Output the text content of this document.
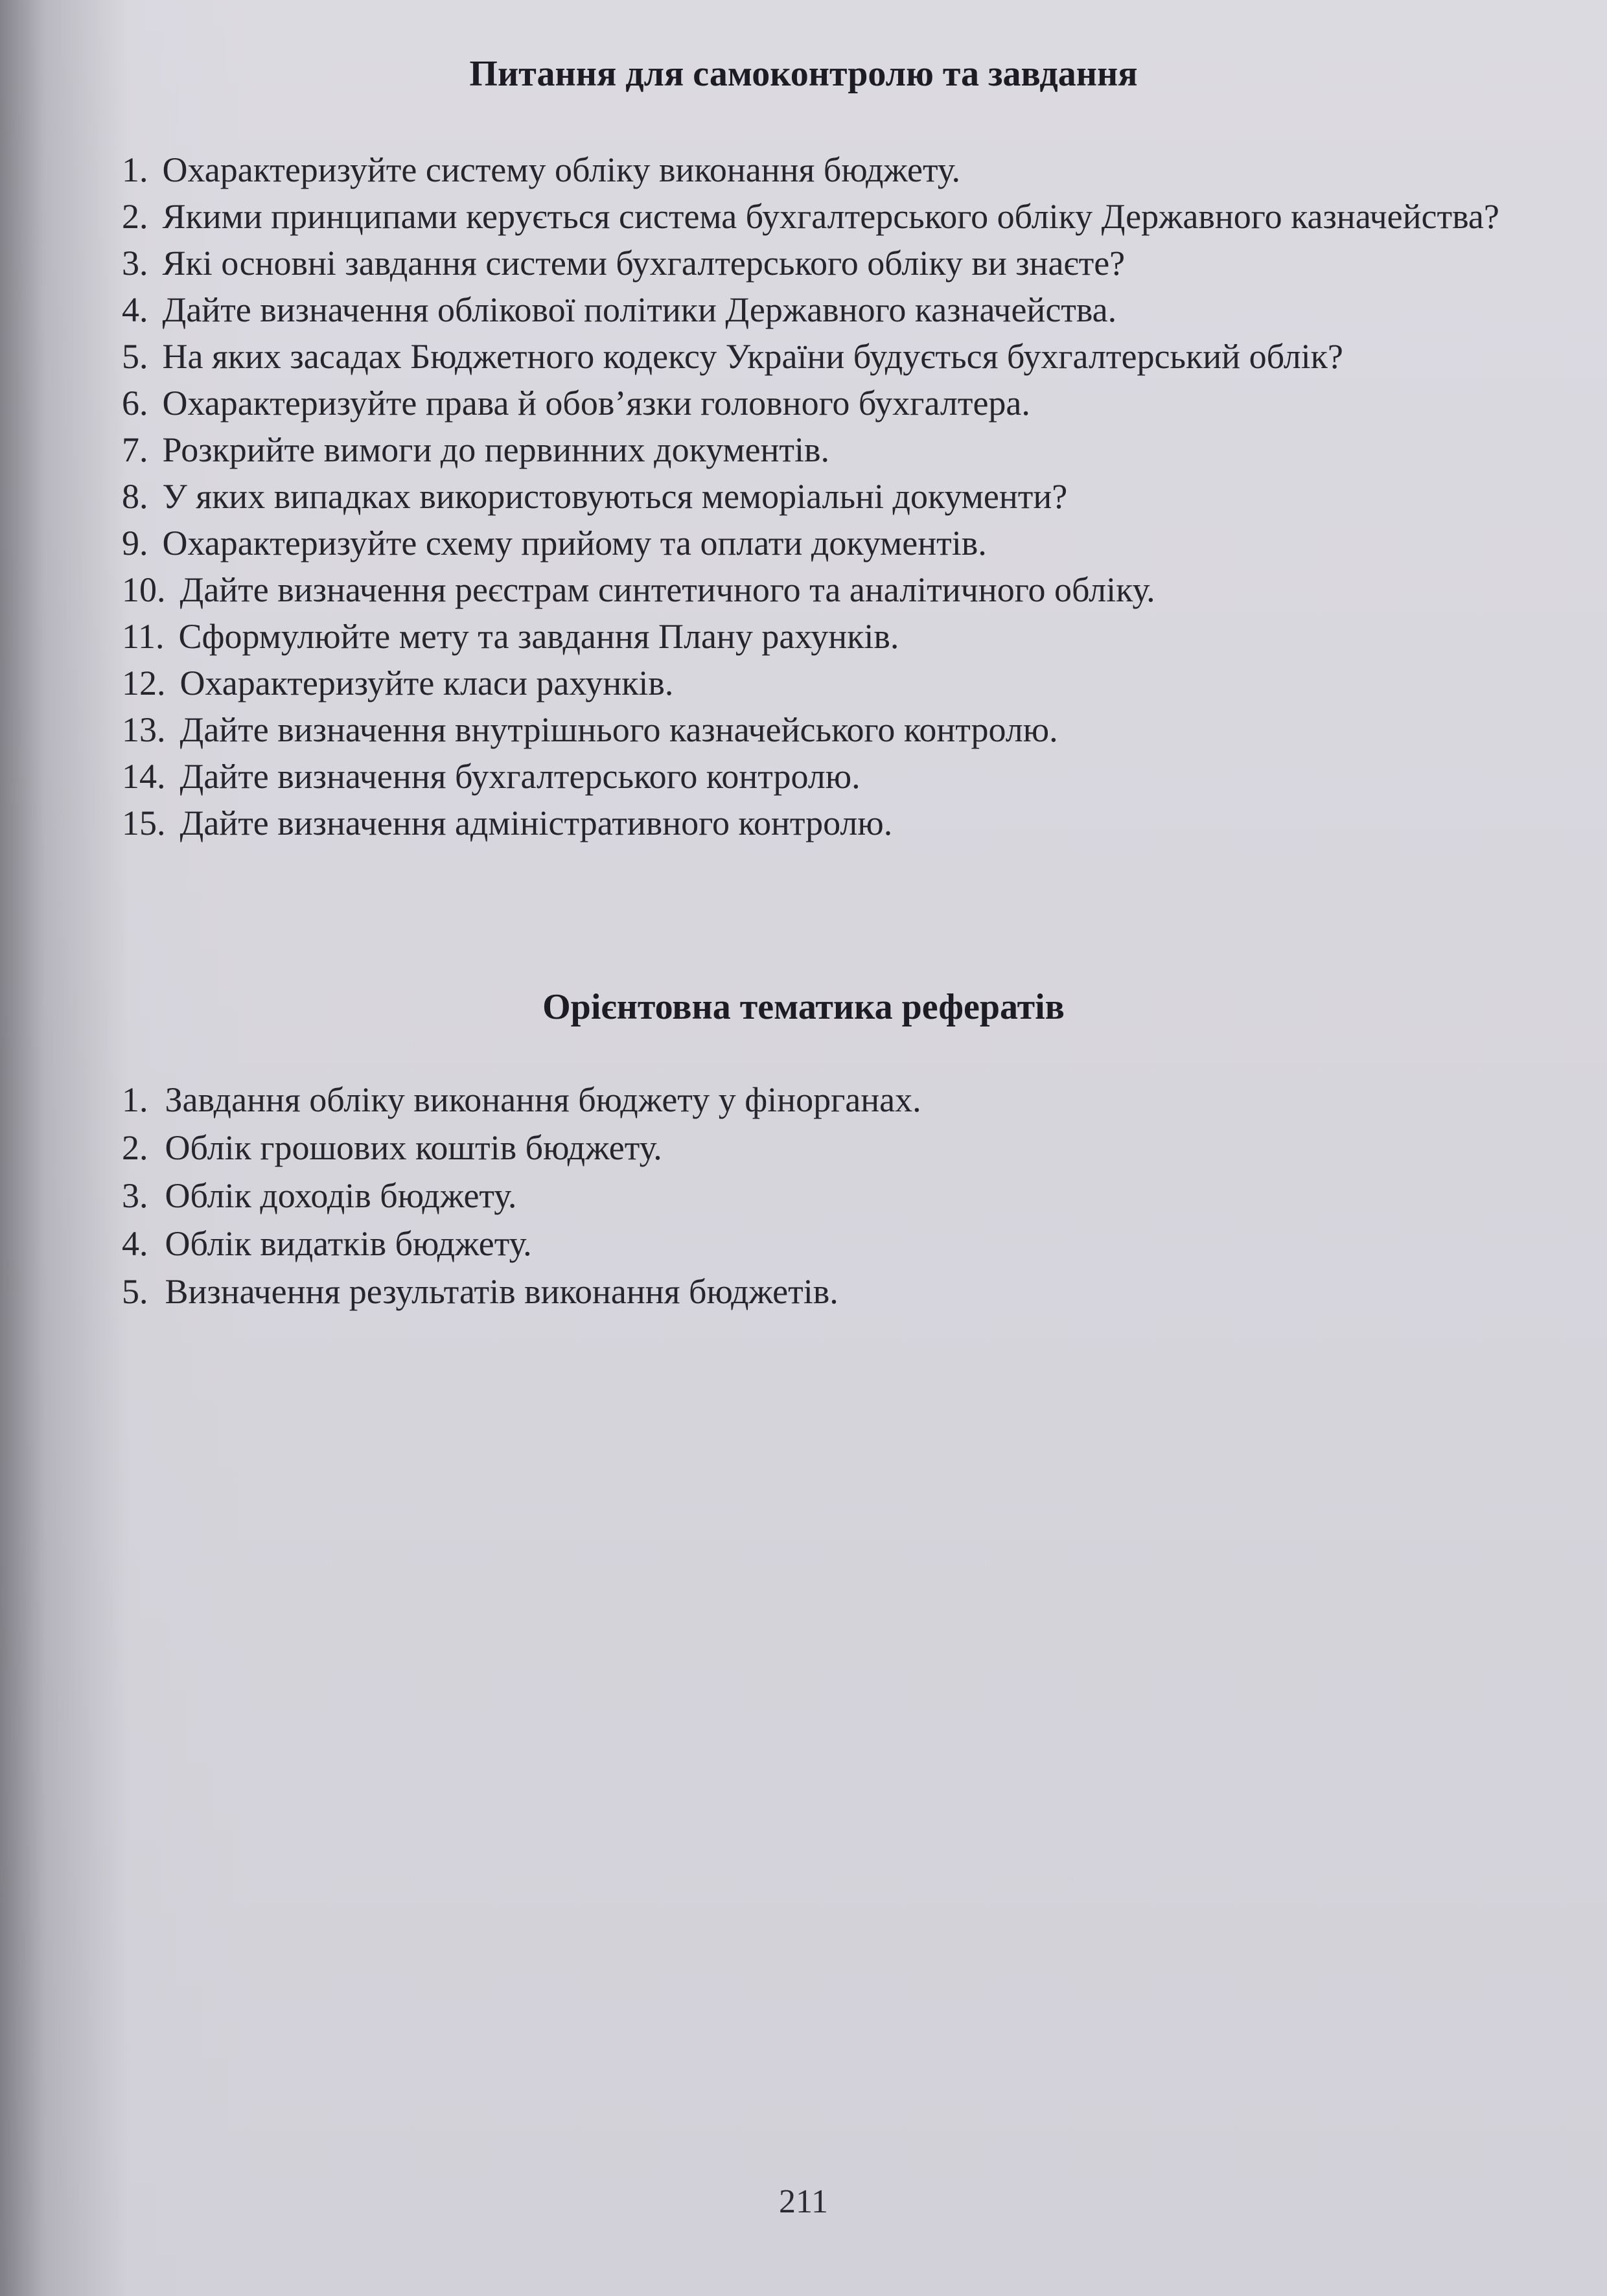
Питання для самоконтролю та завдання
1. Охарактеризуйте систему обліку виконання бюджету.
2. Якими принципами керується система бухгалтерського обліку Державного казначейства?
3. Які основні завдання системи бухгалтерського обліку ви знаєте?
4. Дайте визначення облікової політики Державного казначейства.
5. На яких засадах Бюджетного кодексу України будується бухгалтерський облік?
6. Охарактеризуйте права й обов’язки головного бухгалтера.
7. Розкрийте вимоги до первинних документів.
8. У яких випадках використовуються меморіальні документи?
9. Охарактеризуйте схему прийому та оплати документів.
10. Дайте визначення реєстрам синтетичного та аналітичного обліку.
11. Сформулюйте мету та завдання Плану рахунків.
12. Охарактеризуйте класи рахунків.
13. Дайте визначення внутрішнього казначейського контролю.
14. Дайте визначення бухгалтерського контролю.
15. Дайте визначення адміністративного контролю.
Орієнтовна тематика рефератів
1. Завдання обліку виконання бюджету у фінорганах.
2. Облік грошових коштів бюджету.
3. Облік доходів бюджету.
4. Облік видатків бюджету.
5. Визначення результатів виконання бюджетів.
211
